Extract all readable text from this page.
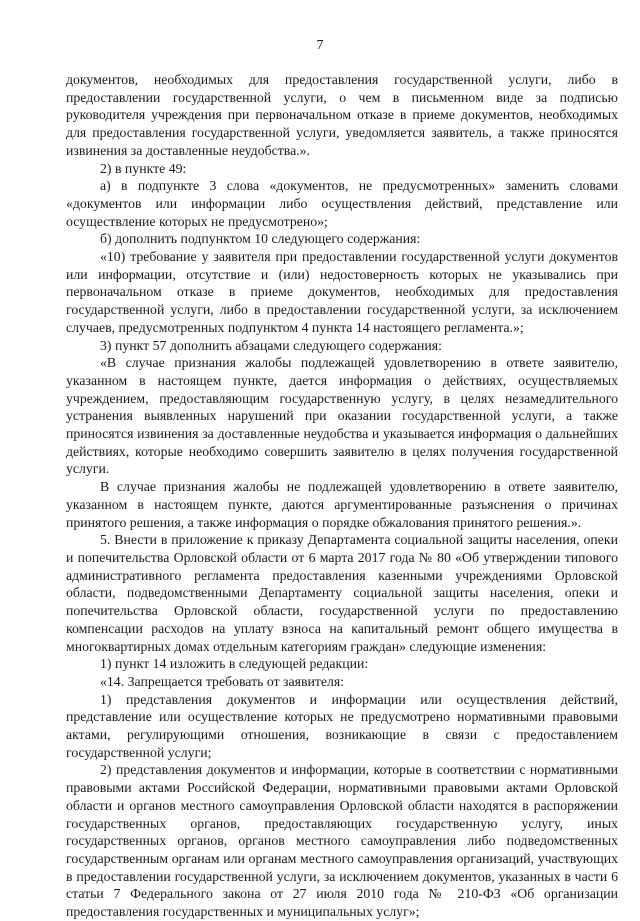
7

документов, необходимых для предоставления государственной услуги, либо в предоставлении государственной услуги, о чем в письменном виде за подписью руководителя учреждения при первоначальном отказе в приеме документов, необходимых для предоставления государственной услуги, уведомляется заявитель, а также приносятся извинения за доставленные неудобства.».

2) в пункте 49:

а) в подпункте 3 слова «документов, не предусмотренных» заменить словами «документов или информации либо осуществления действий, представление или осуществление которых не предусмотрено»;

б) дополнить подпунктом 10 следующего содержания:

«10) требование у заявителя при предоставлении государственной услуги документов или информации, отсутствие и (или) недостоверность которых не указывались при первоначальном отказе в приеме документов, необходимых для предоставления государственной услуги, либо в предоставлении государственной услуги, за исключением случаев, предусмотренных подпунктом 4 пункта 14 настоящего регламента.»;

3) пункт 57 дополнить абзацами следующего содержания:

«В случае признания жалобы подлежащей удовлетворению в ответе заявителю, указанном в настоящем пункте, дается информация о действиях, осуществляемых учреждением, предоставляющим государственную услугу, в целях незамедлительного устранения выявленных нарушений при оказании государственной услуги, а также приносятся извинения за доставленные неудобства и указывается информация о дальнейших действиях, которые необходимо совершить заявителю в целях получения государственной услуги.

В случае признания жалобы не подлежащей удовлетворению в ответе заявителю, указанном в настоящем пункте, даются аргументированные разъяснения о причинах принятого решения, а также информация о порядке обжалования принятого решения.».

5. Внести в приложение к приказу Департамента социальной защиты населения, опеки и попечительства Орловской области от 6 марта 2017 года № 80 «Об утверждении типового административного регламента предоставления казенными учреждениями Орловской области, подведомственными Департаменту социальной защиты населения, опеки и попечительства Орловской области, государственной услуги по предоставлению компенсации расходов на уплату взноса на капитальный ремонт общего имущества в многоквартирных домах отдельным категориям граждан» следующие изменения:

1) пункт 14 изложить в следующей редакции:

«14. Запрещается требовать от заявителя:

1) представления документов и информации или осуществления действий, представление или осуществление которых не предусмотрено нормативными правовыми актами, регулирующими отношения, возникающие в связи с предоставлением государственной услуги;

2) представления документов и информации, которые в соответствии с нормативными правовыми актами Российской Федерации, нормативными правовыми актами Орловской области и органов местного самоуправления Орловской области находятся в распоряжении государственных органов, предоставляющих государственную услугу, иных государственных органов, органов местного самоуправления либо подведомственных государственным органам или органам местного самоуправления организаций, участвующих в предоставлении государственной услуги, за исключением документов, указанных в части 6 статьи 7 Федерального закона от 27 июля 2010 года № 210-ФЗ «Об организации предоставления государственных и муниципальных услуг»;
